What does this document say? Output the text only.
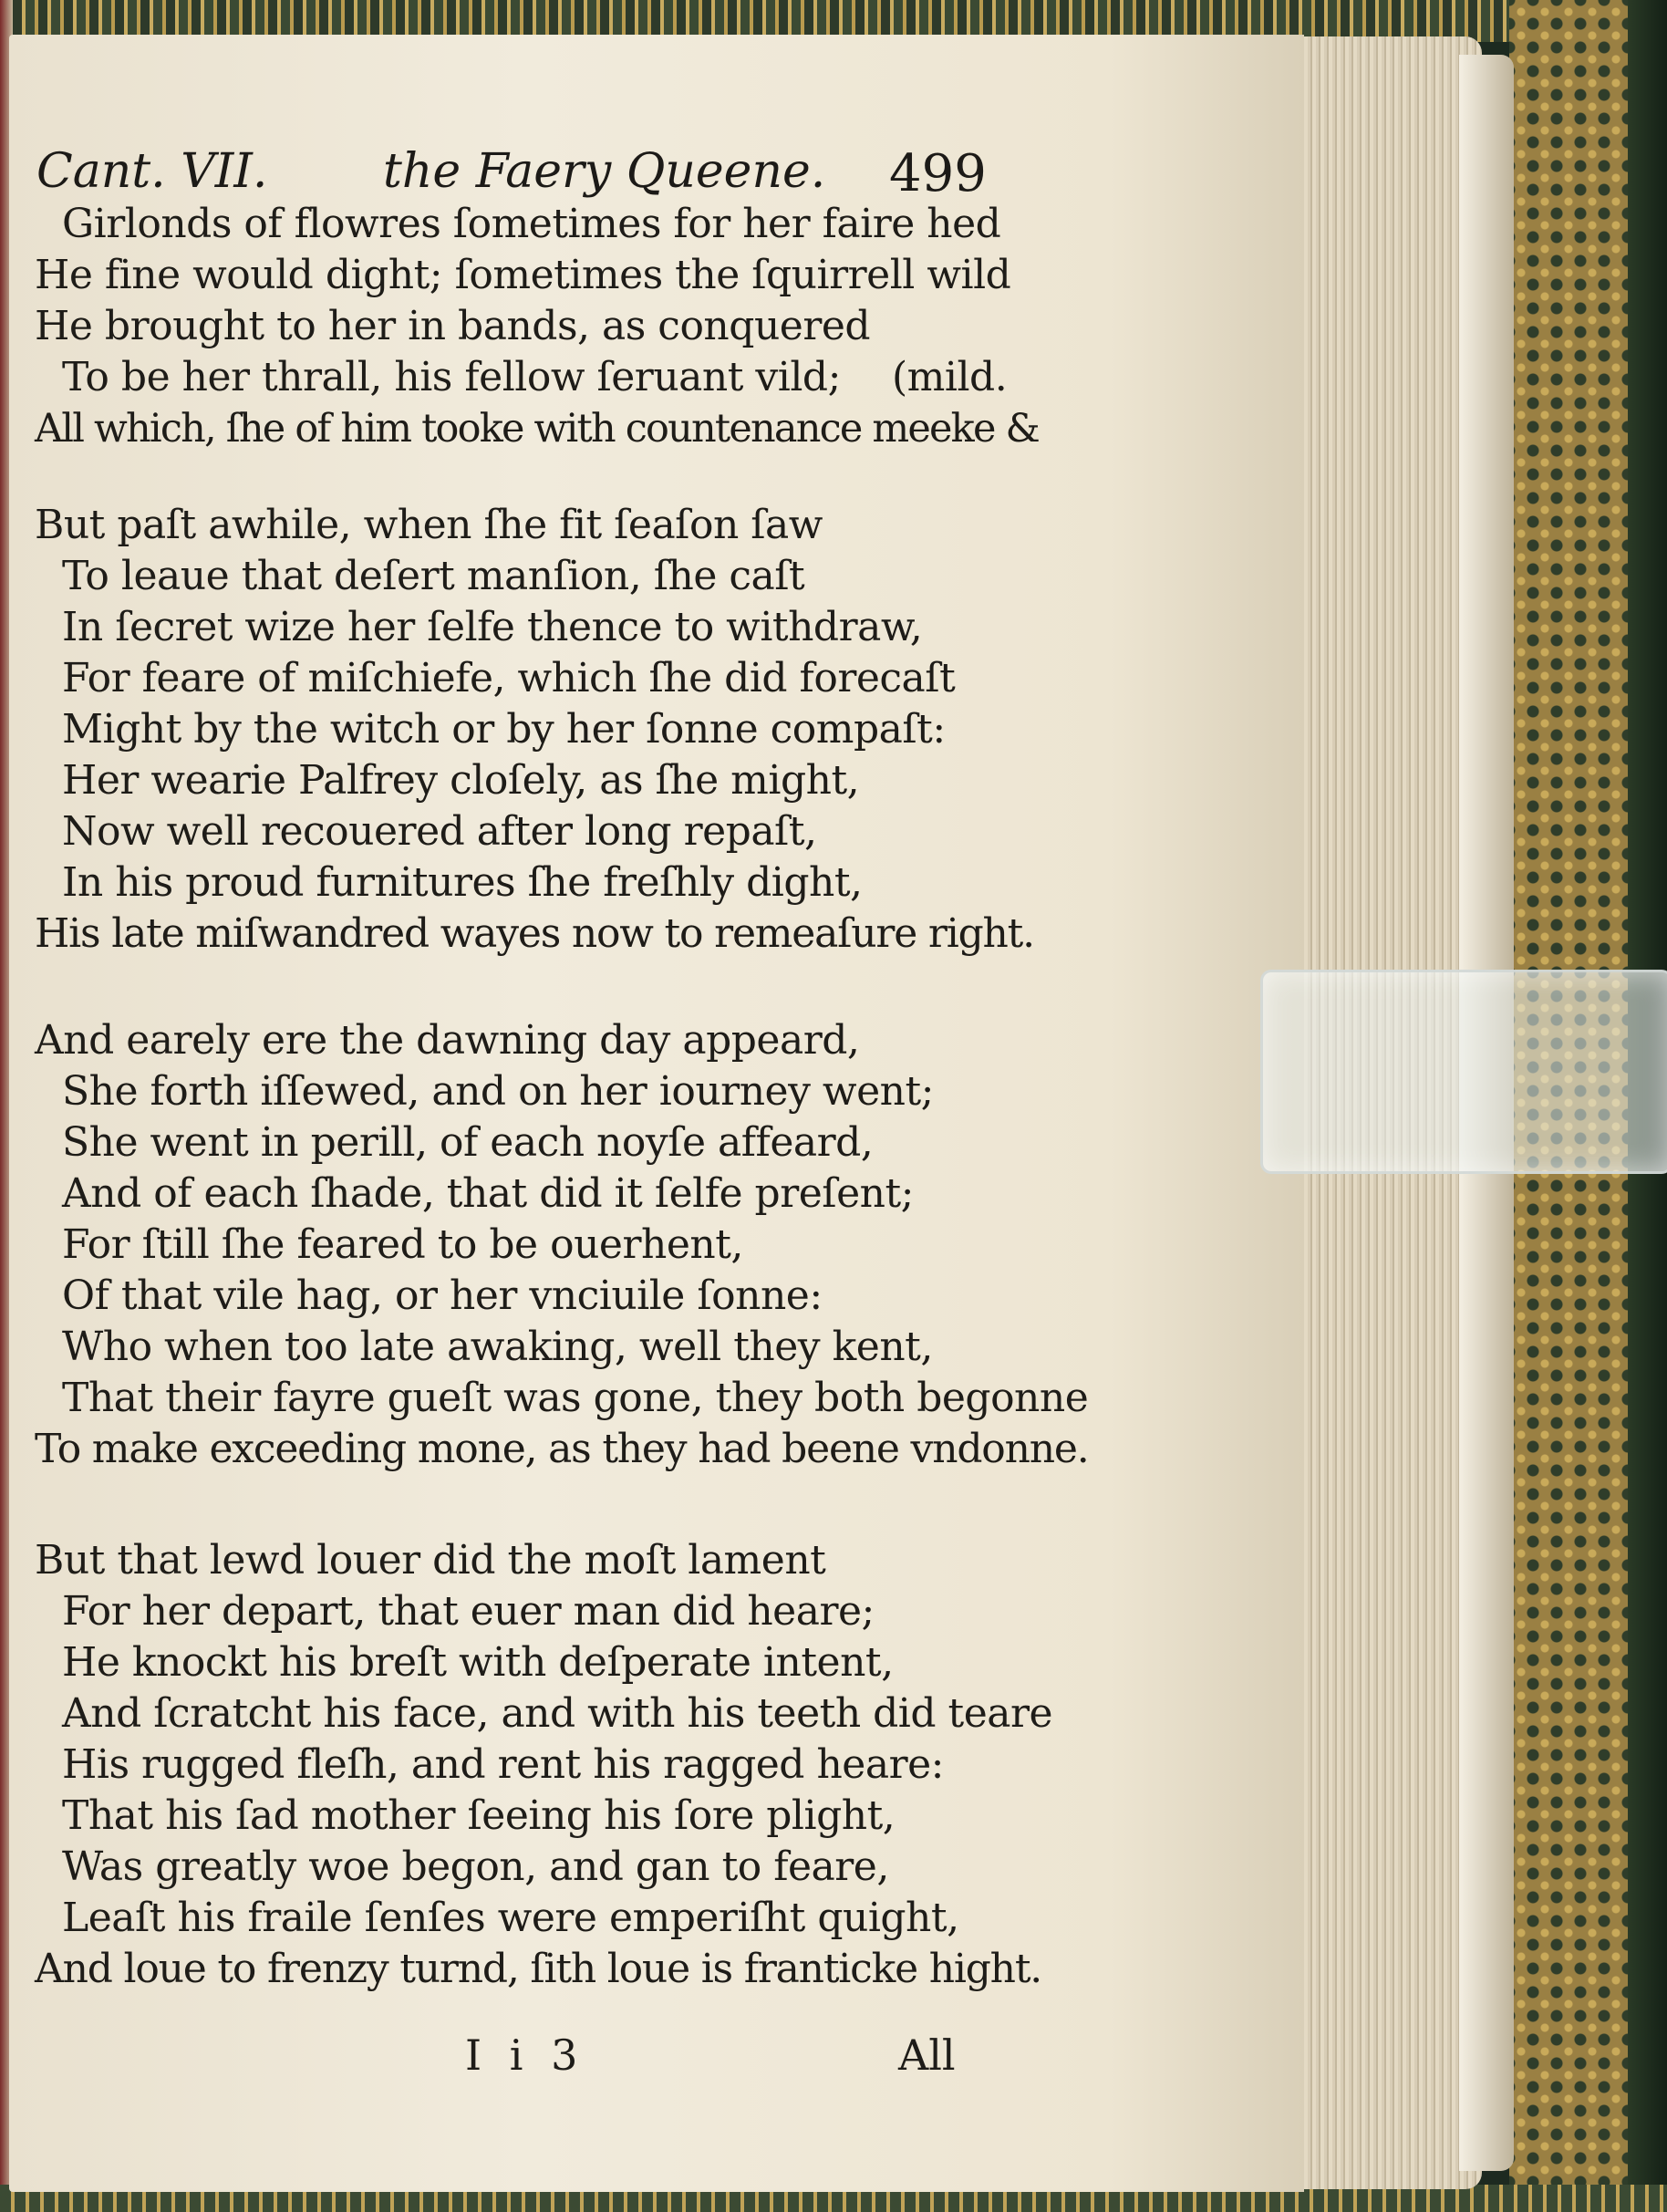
Cant. VII. the Faery Queene. 499
Girlonds of flowres ſometimes for her faire hed
He fine would dight; ſometimes the ſquirrell wild
He brought to her in bands, as conquered
To be her thrall, his fellow ſeruant vild; (mild.
All which, ſhe of him tooke with countenance meeke &
But paſt awhile, when ſhe fit ſeaſon ſaw
To leaue that deſert manſion, ſhe caſt
In ſecret wize her ſelfe thence to withdraw,
For feare of miſchiefe, which ſhe did forecaſt
Might by the witch or by her ſonne compaſt:
Her wearie Palfrey cloſely, as ſhe might,
Now well recouered after long repaſt,
In his proud furnitures ſhe freſhly dight,
His late miſwandred wayes now to remeaſure right.
And earely ere the dawning day appeard,
She forth iſſewed, and on her iourney went;
She went in perill, of each noyſe affeard,
And of each ſhade, that did it ſelfe preſent;
For ſtill ſhe feared to be ouerhent,
Of that vile hag, or her vnciuile ſonne:
Who when too late awaking, well they kent,
That their fayre gueſt was gone, they both begonne
To make exceeding mone, as they had beene vndonne.
But that lewd louer did the moſt lament
For her depart, that euer man did heare;
He knockt his breſt with deſperate intent,
And ſcratcht his face, and with his teeth did teare
His rugged fleſh, and rent his ragged heare:
That his ſad mother ſeeing his ſore plight,
Was greatly woe begon, and gan to feare,
Leaſt his fraile ſenſes were emperiſht quight,
And loue to frenzy turnd, ſith loue is franticke hight.
I i 3	All
